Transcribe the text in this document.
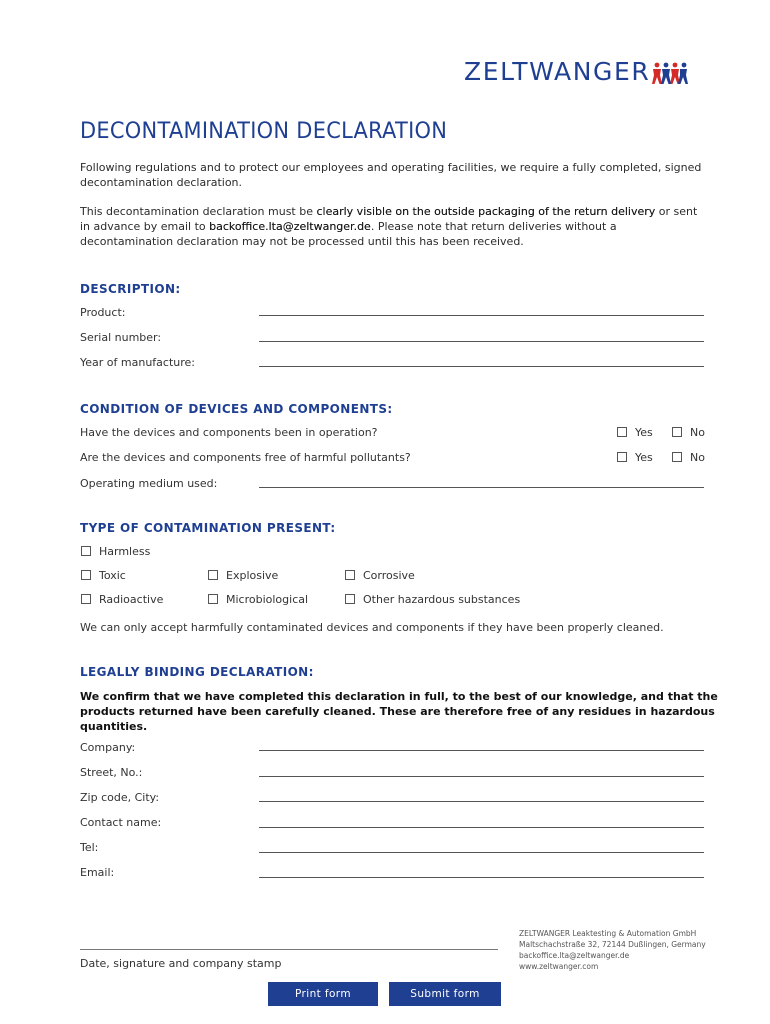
ZELTWANGER
DECONTAMINATION DECLARATION
Following regulations and to protect our employees and operating facilities, we require a fully completed, signed decontamination declaration.
This decontamination declaration must be clearly visible on the outside packaging of the return delivery or sent in advance by email to backoffice.lta@zeltwanger.de. Please note that return deliveries without a decontamination declaration may not be processed until this has been received.
DESCRIPTION:
Product:
Serial number:
Year of manufacture:
CONDITION OF DEVICES AND COMPONENTS:
Have the devices and components been in operation?	Yes	No
Are the devices and components free of harmful pollutants?	Yes	No
Operating medium used:
TYPE OF CONTAMINATION PRESENT:
Harmless
Toxic	Explosive	Corrosive
Radioactive	Microbiological	Other hazardous substances
We can only accept harmfully contaminated devices and components if they have been properly cleaned.
LEGALLY BINDING DECLARATION:
We confirm that we have completed this declaration in full, to the best of our knowledge, and that the products returned have been carefully cleaned. These are therefore free of any residues in hazardous quantities.
Company:
Street, No.:
Zip code, City:
Contact name:
Tel:
Email:
Date, signature and company stamp
ZELTWANGER Leaktesting & Automation GmbH
Maltschachstraße 32, 72144 Dußlingen, Germany
backoffice.lta@zeltwanger.de
www.zeltwanger.com
Print form	Submit form
